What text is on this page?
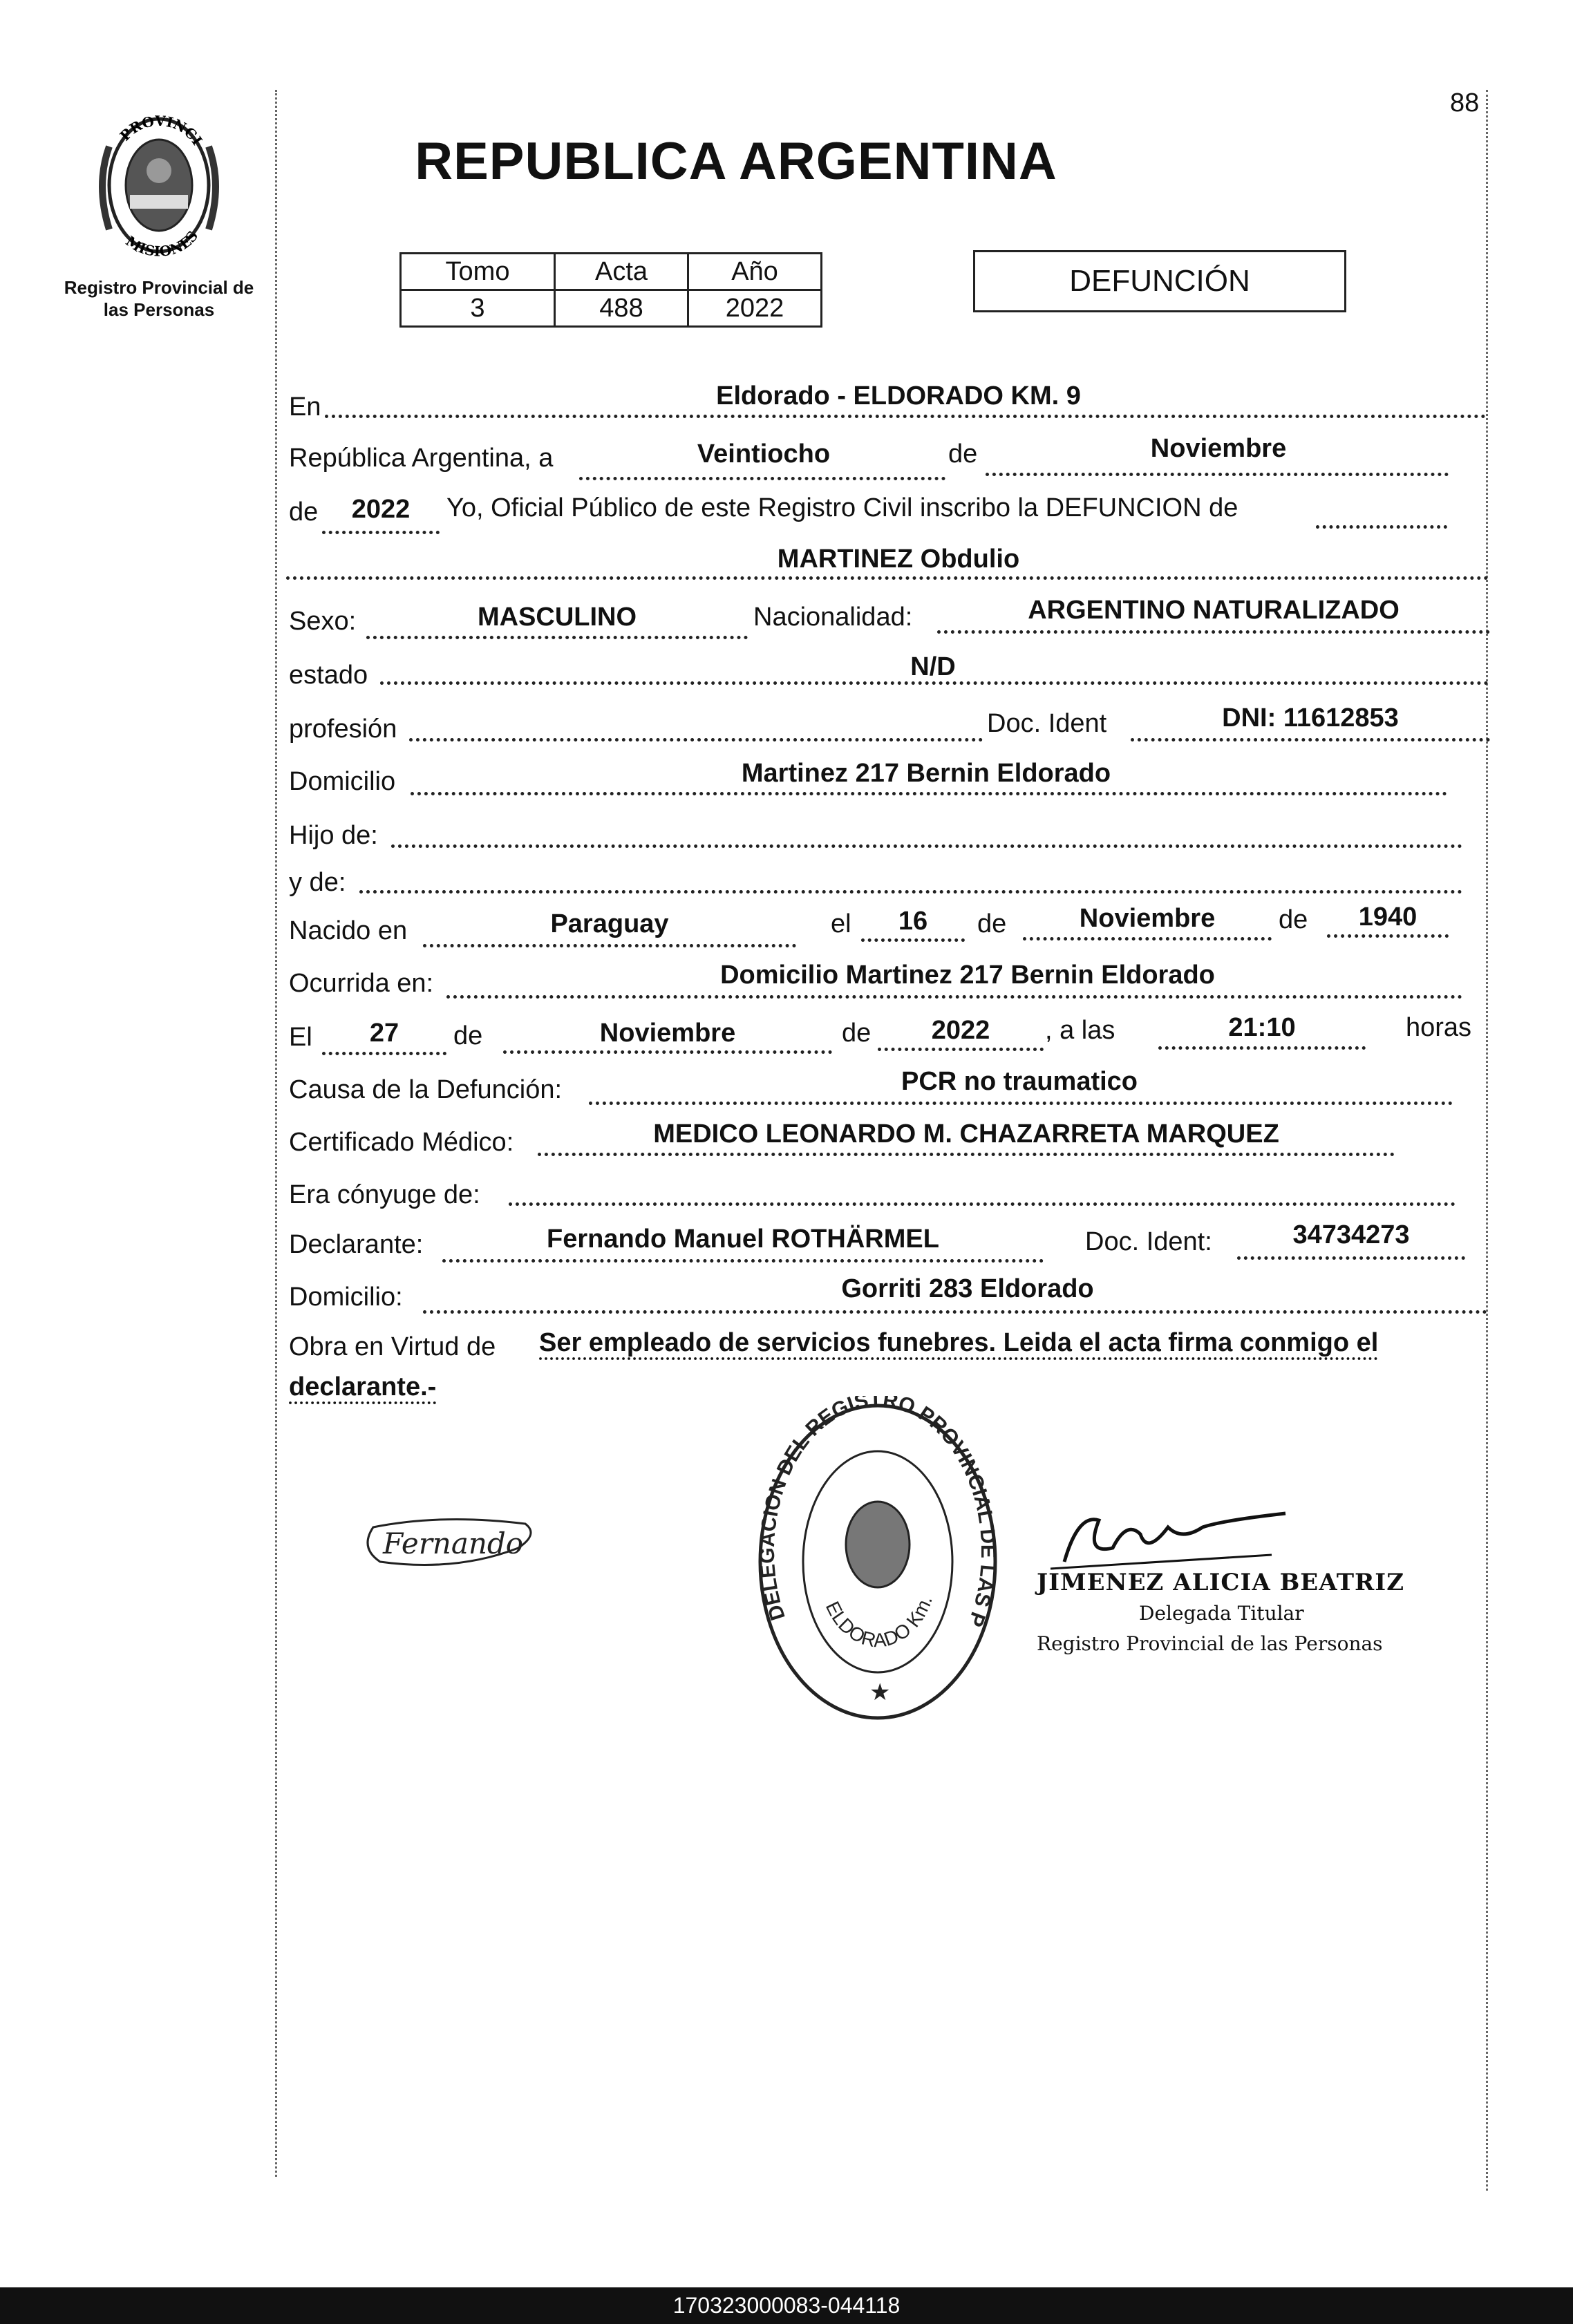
88
PROVINCI
MISIONES
Registro Provincial de
las Personas
REPUBLICA ARGENTINA
Tomo	Acta	Año
3	488	2022
DEFUNCIÓN
En	Eldorado - ELDORADO KM. 9
República Argentina, a	Veintiocho	de	Noviembre
de	2022	Yo, Oficial Público de este Registro Civil inscribo la DEFUNCION de
MARTINEZ Obdulio
Sexo:	MASCULINO	Nacionalidad:	ARGENTINO NATURALIZADO
estado	N/D
profesión	Doc. Ident	DNI: 11612853
Domicilio	Martinez 217 Bernin Eldorado
Hijo de:
y de:
Nacido en	Paraguay	el	16	de	Noviembre	de	1940
Ocurrida en:	Domicilio Martinez 217 Bernin Eldorado
El	27	de	Noviembre	de	2022	, a las	21:10	horas
Causa de la Defunción:	PCR no traumatico
Certificado Médico:	MEDICO LEONARDO M. CHAZARRETA MARQUEZ
Era cónyuge de:
Declarante:	Fernando Manuel ROTHÄRMEL	Doc. Ident:	34734273
Domicilio:	Gorriti 283 Eldorado
Obra en Virtud de Ser empleado de servicios funebres. Leida el acta firma conmigo el
declarante.-
Fernando
DELEGACION DEL REGISTRO PROVINCIAL DE LAS P
ELDORADO Km.
★
JIMENEZ ALICIA BEATRIZ
Delegada Titular
Registro Provincial de las Personas
170323000083-044118
